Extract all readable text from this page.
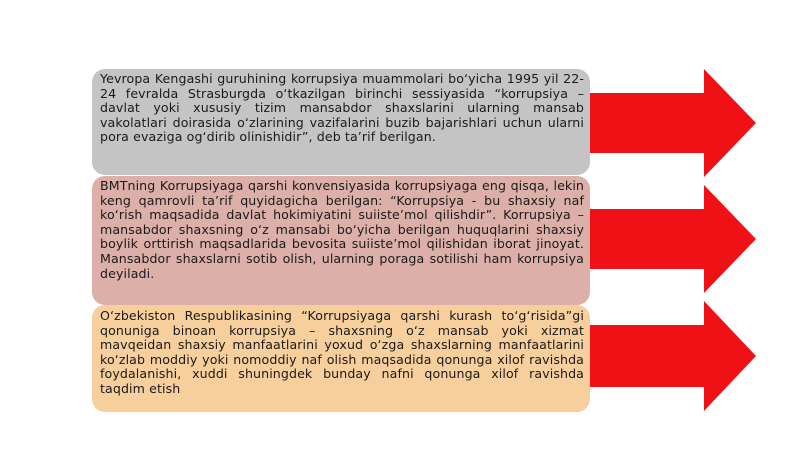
Yevropa Kengashi guruhining korrupsiya muammolari bo‘yicha 1995 yil 22-24 fevralda Strasburgda o‘tkazilgan birinchi sessiyasida “korrupsiya – davlat yoki xususiy tizim mansabdor shaxslarini ularning mansab vakolatlari doirasida o‘zlarining vazifalarini buzib bajarishlari uchun ularni pora evaziga og‘dirib olinishidir”, deb ta’rif berilgan.
BMTning Korrupsiyaga qarshi konvensiyasida korrupsiyaga eng qisqa, lekin keng qamrovli ta’rif quyidagicha berilgan: “Korrupsiya - bu shaxsiy naf ko‘rish maqsadida davlat hokimiyatini suiiste’mol qilishdir”. Korrupsiya – mansabdor shaxsning o‘z mansabi bo‘yicha berilgan huquqlarini shaxsiy boylik orttirish maqsadlarida bevosita suiiste’mol qilishidan iborat jinoyat. Mansabdor shaxslarni sotib olish, ularning poraga sotilishi ham korrupsiya deyiladi.
O‘zbekiston Respublikasining “Korrupsiyaga qarshi kurash to‘g‘risida”gi qonuniga binoan korrupsiya – shaxsning o‘z mansab yoki xizmat mavqeidan shaxsiy manfaatlarini yoxud o‘zga shaxslarning manfaatlarini ko‘zlab moddiy yoki nomoddiy naf olish maqsadida qonunga xilof ravishda foydalanishi, xuddi shuningdek bunday nafni qonunga xilof ravishda taqdim etish
